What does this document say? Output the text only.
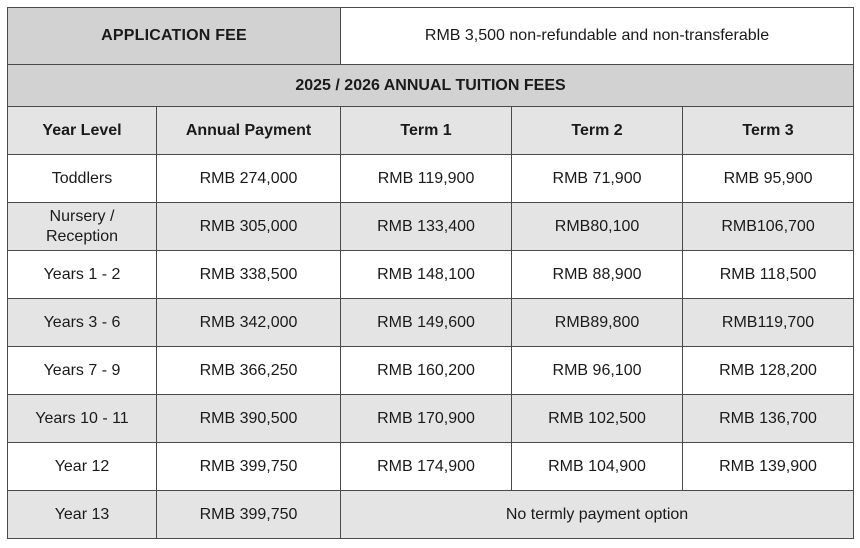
APPLICATION FEE		RMB 3,500 non-refundable and non-transferable		
2025 / 2026 ANNUAL TUITION FEES				
Year Level	Annual Payment	Term 1	Term 2	Term 3
Toddlers	RMB 274,000	RMB 119,900	RMB 71,900	RMB 95,900
Nursery / Reception	RMB 305,000	RMB 133,400	RMB80,100	RMB106,700
Years 1 - 2	RMB 338,500	RMB 148,100	RMB 88,900	RMB 118,500
Years 3 - 6	RMB 342,000	RMB 149,600	RMB89,800	RMB119,700
Years 7 - 9	RMB 366,250	RMB 160,200	RMB 96,100	RMB 128,200
Years 10 - 11	RMB 390,500	RMB 170,900	RMB 102,500	RMB 136,700
Year 12	RMB 399,750	RMB 174,900	RMB 104,900	RMB 139,900
Year 13	RMB 399,750	No termly payment option		
